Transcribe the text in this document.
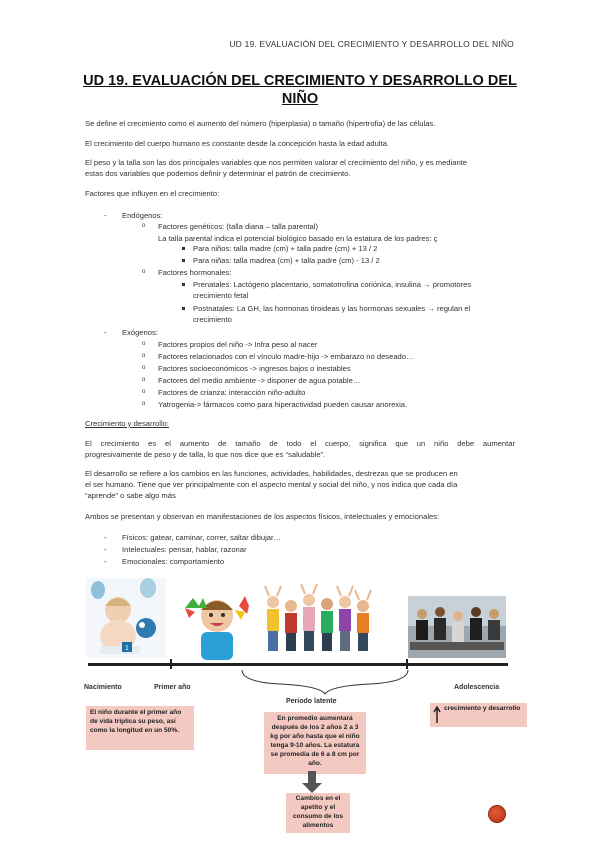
UD 19. EVALUACIÓN DEL CRECIMIENTO Y DESARROLLO DEL NIÑO
UD 19. EVALUACIÓN DEL CRECIMIENTO Y DESARROLLO DEL
NIÑO
Se define el crecimiento como el aumento del número (hiperplasia) o tamaño (hipertrofia) de las células.
El crecimiento del cuerpo humano es constante desde la concepción hasta la edad adulta.
El peso y la talla son las dos principales variables que nos permiten valorar el crecimiento del niño, y es mediante
estas dos variables que podemos definir y determinar el patrón de crecimiento.
Factores que influyen en el crecimiento:
- Endógenos:
o Factores genéticos: (talla diana – talla parental)
La talla parental indica el potencial biológico basado en la estatura de los padres: ç
Para niños: talla madre (cm) + talla padre (cm) + 13 / 2
Para niñas: talla madrea (cm) + talla padre (cm) - 13 / 2
o Factores hormonales:
Prenatales: Lactógeno placentario, somatotrofina coriónica, insulina → promotores
crecimiento fetal
Postnatales: La GH, las hormonas tiroideas y las hormonas sexuales → regulan el
crecimiento
- Exógenos:
o Factores propios del niño -> Infra peso al nacer
o Factores relacionados con el vínculo madre-hijo -> embarazo no deseado…
o Factores socioeconómicos -> ingresos bajos o inestables
o Factores del medio ambiente -> disponer de agua potable…
o Factores de crianza: interacción niño-adulto
o Yatrogenia-> fármacos como para hiperactividad pueden causar anorexia.
Crecimiento y desarrollo:
El crecimiento es el aumento de tamaño de todo el cuerpo, significa que un niño debe aumentar
progresivamente de peso y de talla, lo que nos dice que es “saludable”.
El desarrollo se refiere a los cambios en las funciones, actividades, habilidades, destrezas que se producen en
el ser humano. Tiene que ver principalmente con el aspecto mental y social del niño, y nos indica que cada día
“aprende” o sabe algo más
Ambos se presentan y observan en manifestaciones de los aspectos físicos, intelectuales y emocionales:
- Físicos: gatear, caminar, correr, saltar dibujar…
- Intelectuales: pensar, hablar, razonar
- Emocionales: comportamiento
1
Nacimiento	Primer año
Periodo latente
Adolescencia
El niño durante el primer año de vida triplica su peso, así como la longitud en un 50%.
En promedio aumentará después de los 2 años 2 a 3 kg por año hasta que el niño tenga 9-10 años. La estatura se promedia de 6 a 8 cm por año.
crecimiento y desarrollo
Cambios en el apetito y el consumo de los alimentos
